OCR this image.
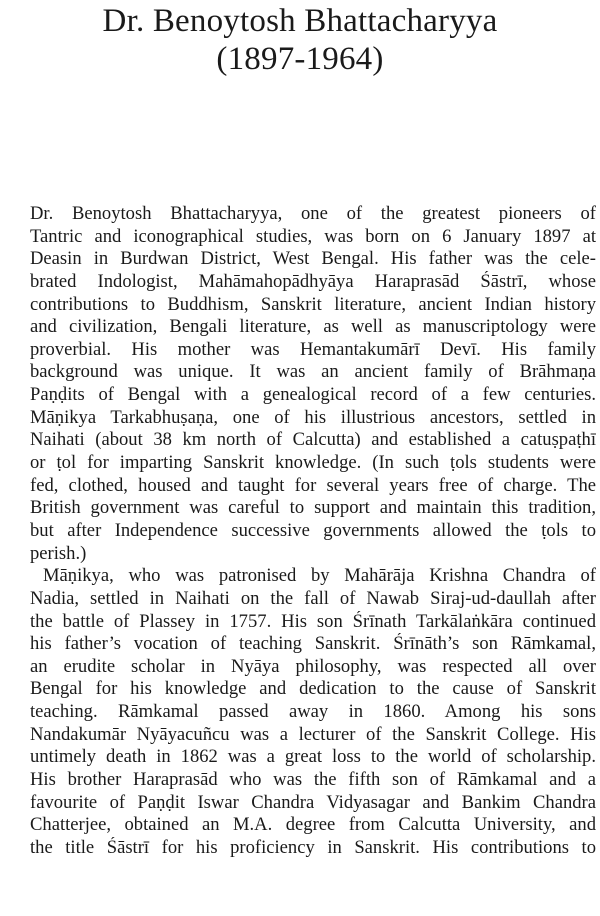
Dr. Benoytosh Bhattacharyya
(1897-1964)
Dr. Benoytosh Bhattacharyya, one of the greatest pioneers of
Tantric and iconographical studies, was born on 6 January 1897 at
Deasin in Burdwan District, West Bengal. His father was the cele-
brated Indologist, Mahāmahopādhyāya Haraprasād Śāstrī, whose
contributions to Buddhism, Sanskrit literature, ancient Indian history
and civilization, Bengali literature, as well as manuscriptology were
proverbial. His mother was Hemantakumārī Devī. His family
background was unique. It was an ancient family of Brāhmaṇa
Paṇḍits of Bengal with a genealogical record of a few centuries.
Māṇikya Tarkabhuṣaṇa, one of his illustrious ancestors, settled in
Naihati (about 38 km north of Calcutta) and established a catuṣpaṭhī
or ṭol for imparting Sanskrit knowledge. (In such ṭols students were
fed, clothed, housed and taught for several years free of charge. The
British government was careful to support and maintain this tradition,
but after Independence successive governments allowed the ṭols to
perish.)
Māṇikya, who was patronised by Mahārāja Krishna Chandra of
Nadia, settled in Naihati on the fall of Nawab Siraj-ud-daullah after
the battle of Plassey in 1757. His son Śrīnath Tarkālaṅkāra continued
his father’s vocation of teaching Sanskrit. Śrīnāth’s son Rāmkamal,
an erudite scholar in Nyāya philosophy, was respected all over
Bengal for his knowledge and dedication to the cause of Sanskrit
teaching. Rāmkamal passed away in 1860. Among his sons
Nandakumār Nyāyacuñcu was a lecturer of the Sanskrit College. His
untimely death in 1862 was a great loss to the world of scholarship.
His brother Haraprasād who was the fifth son of Rāmkamal and a
favourite of Paṇḍit Iswar Chandra Vidyasagar and Bankim Chandra
Chatterjee, obtained an M.A. degree from Calcutta University, and
the title Śāstrī for his proficiency in Sanskrit. His contributions to
